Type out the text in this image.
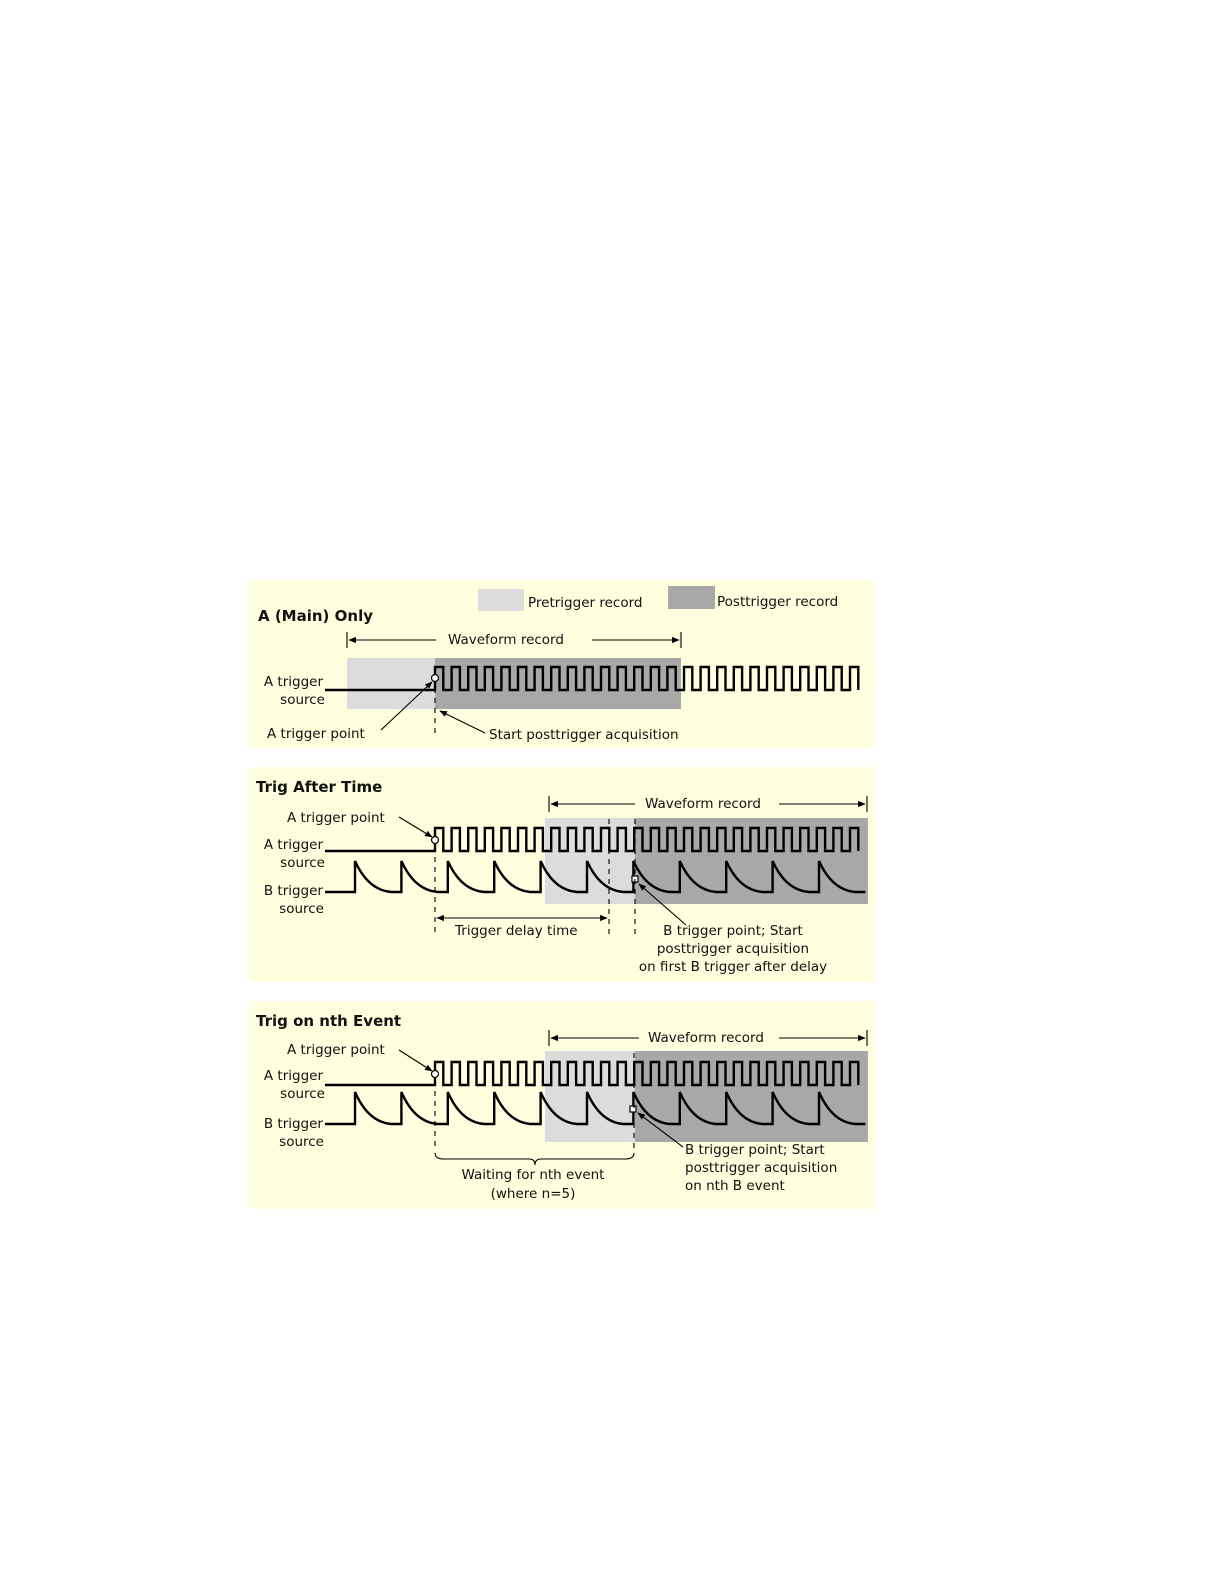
A (Main) Only
Pretrigger record	Posttrigger record
Waveform record
A trigger
source
A trigger point	Start posttrigger acquisition
Trig After Time
A trigger point
Waveform record
Trigger delay time
A trigger
source
B trigger
source
B trigger point; Start
posttrigger acquisition
on first B trigger after delay
Trig on nth Event
A trigger point
Waveform record
Waiting for nth event
(where n=5)
A trigger
source
B trigger
source	B trigger point; Start
posttrigger acquisition
on nth B event
